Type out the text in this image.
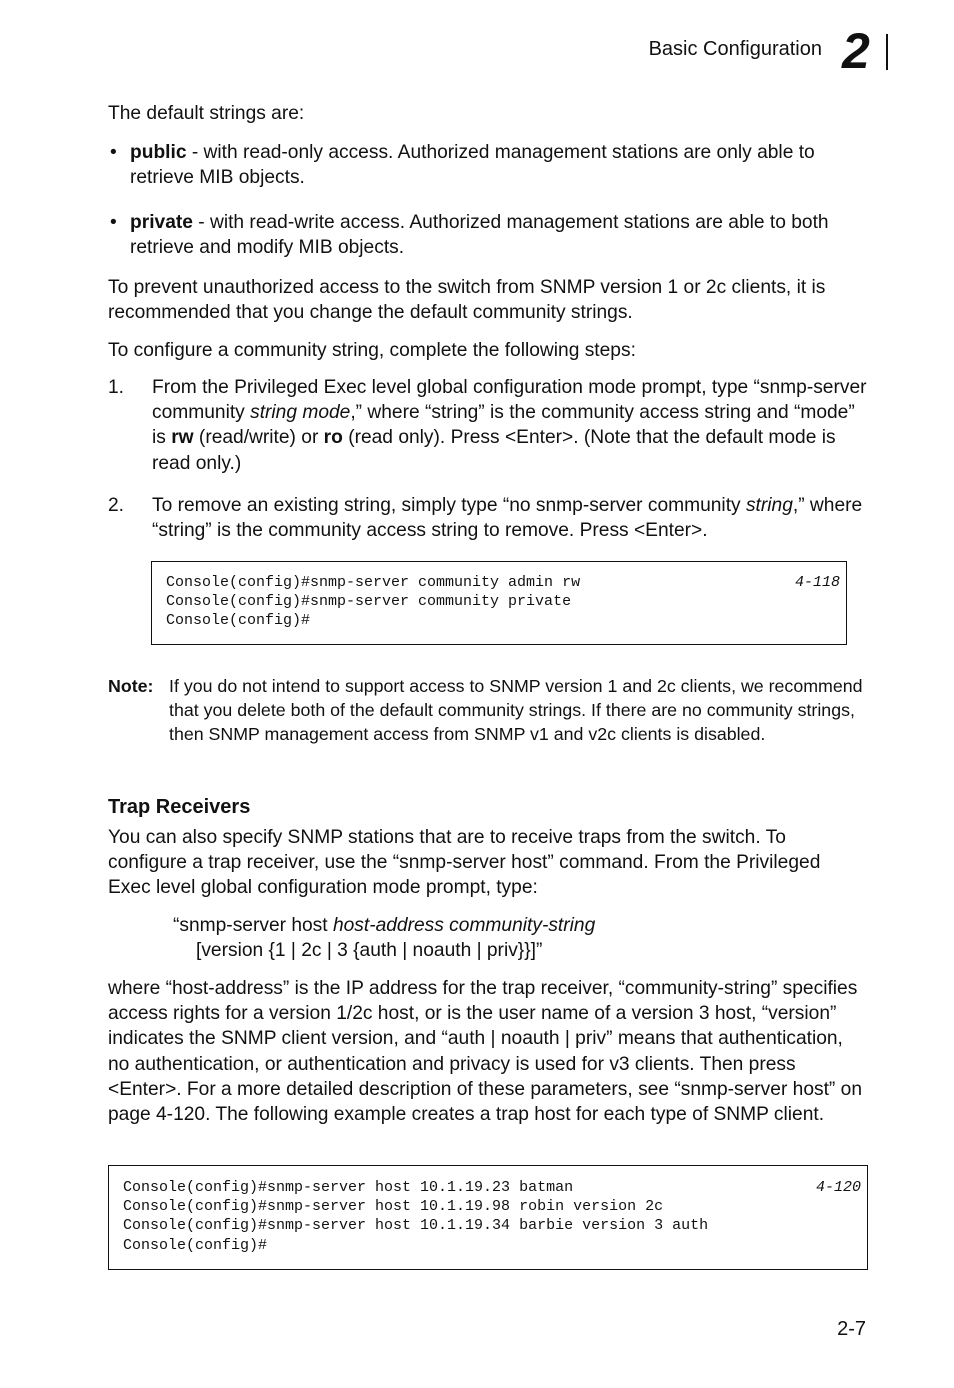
Basic Configuration 2
The default strings are:
• public - with read-only access. Authorized management stations are only able to retrieve MIB objects.
• private - with read-write access. Authorized management stations are able to both retrieve and modify MIB objects.
To prevent unauthorized access to the switch from SNMP version 1 or 2c clients, it is recommended that you change the default community strings.
To configure a community string, complete the following steps:
1. From the Privileged Exec level global configuration mode prompt, type “snmp-server community string mode,” where “string” is the community access string and “mode” is rw (read/write) or ro (read only). Press <Enter>. (Note that the default mode is read only.)
2. To remove an existing string, simply type “no snmp-server community string,” where “string” is the community access string to remove. Press <Enter>.
Console(config)#snmp-server community admin rw	4-118
Console(config)#snmp-server community private
Console(config)#
Note: If you do not intend to support access to SNMP version 1 and 2c clients, we recommend that you delete both of the default community strings. If there are no community strings, then SNMP management access from SNMP v1 and v2c clients is disabled.
Trap Receivers
You can also specify SNMP stations that are to receive traps from the switch. To configure a trap receiver, use the “snmp-server host” command. From the Privileged Exec level global configuration mode prompt, type:
“snmp-server host host-address community-string
[version {1 | 2c | 3 {auth | noauth | priv}}]”
where “host-address” is the IP address for the trap receiver, “community-string” specifies access rights for a version 1/2c host, or is the user name of a version 3 host, “version” indicates the SNMP client version, and “auth | noauth | priv” means that authentication, no authentication, or authentication and privacy is used for v3 clients. Then press <Enter>. For a more detailed description of these parameters, see “snmp-server host” on page 4-120. The following example creates a trap host for each type of SNMP client.
Console(config)#snmp-server host 10.1.19.23 batman	4-120
Console(config)#snmp-server host 10.1.19.98 robin version 2c
Console(config)#snmp-server host 10.1.19.34 barbie version 3 auth
Console(config)#
2-7
